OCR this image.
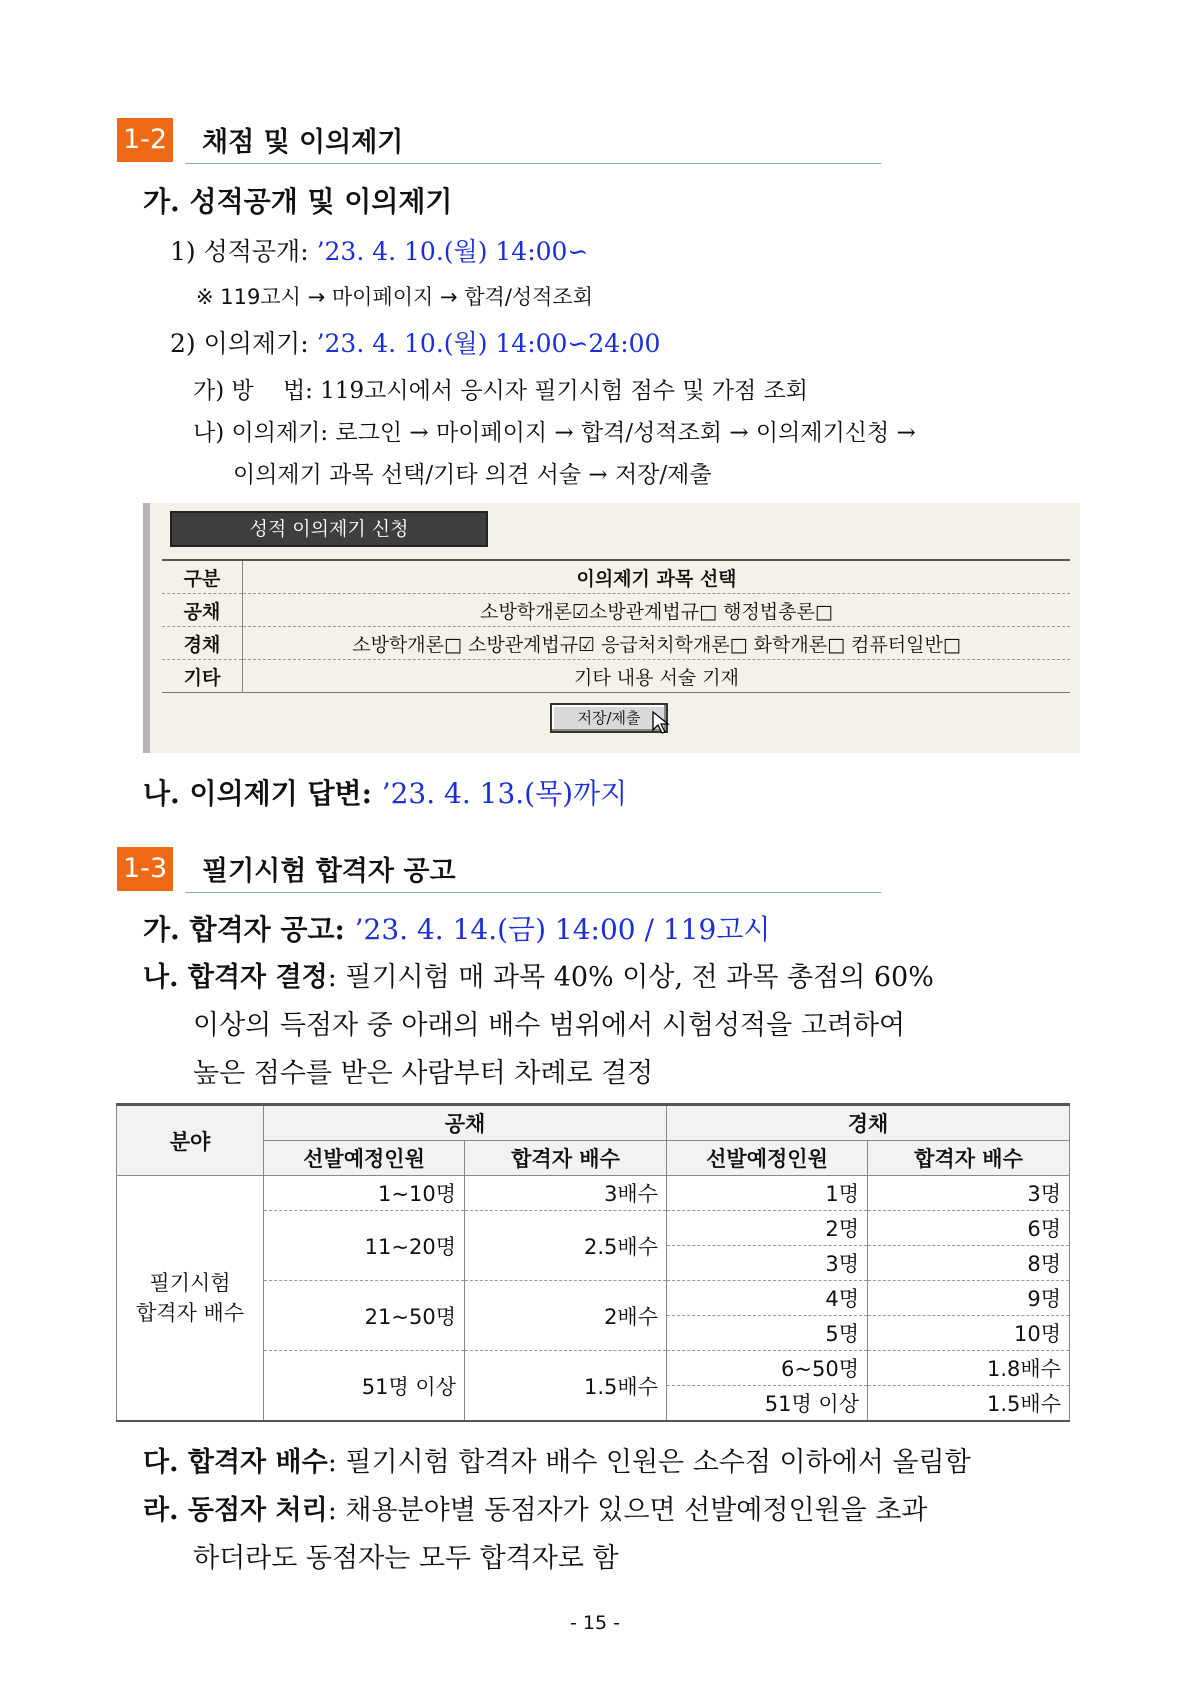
1-2 채점 및 이의제기
가. 성적공개 및 이의제기
1) 성적공개: ’23. 4. 10.(월) 14:00∽
※ 119고시 → 마이페이지 → 합격/성적조회
2) 이의제기: ’23. 4. 10.(월) 14:00∽24:00
가) 방    법: 119고시에서 응시자 필기시험 점수 및 가점 조회
나) 이의제기: 로그인 → 마이페이지 → 합격/성적조회 → 이의제기신청 →
이의제기 과목 선택/기타 의견 서술 → 저장/제출
성적 이의제기 신청
구분	이의제기 과목 선택
공채	소방학개론☑소방관계법규□ 행정법총론□
경채	소방학개론□ 소방관계법규☑ 응급처치학개론□ 화학개론□ 컴퓨터일반□
기타	기타 내용 서술 기재
저장/제출
나. 이의제기 답변: ’23. 4. 13.(목)까지
1-3 필기시험 합격자 공고
가. 합격자 공고: ’23. 4. 14.(금) 14:00 / 119고시
나. 합격자 결정: 필기시험 매 과목 40% 이상, 전 과목 총점의 60%
이상의 득점자 중 아래의 배수 범위에서 시험성적을 고려하여
높은 점수를 받은 사람부터 차례로 결정
분야	공채		경채	
	선발예정인원	합격자 배수	선발예정인원	합격자 배수
필기시험
합격자 배수	1~10명	3배수	1명	3명
	11~20명	2.5배수	2명	6명
			3명	8명
	21~50명	2배수	4명	9명
			5명	10명
	51명 이상	1.5배수	6~50명	1.8배수
			51명 이상	1.5배수
다. 합격자 배수: 필기시험 합격자 배수 인원은 소수점 이하에서 올림함
라. 동점자 처리: 채용분야별 동점자가 있으면 선발예정인원을 초과
하더라도 동점자는 모두 합격자로 함
- 15 -
